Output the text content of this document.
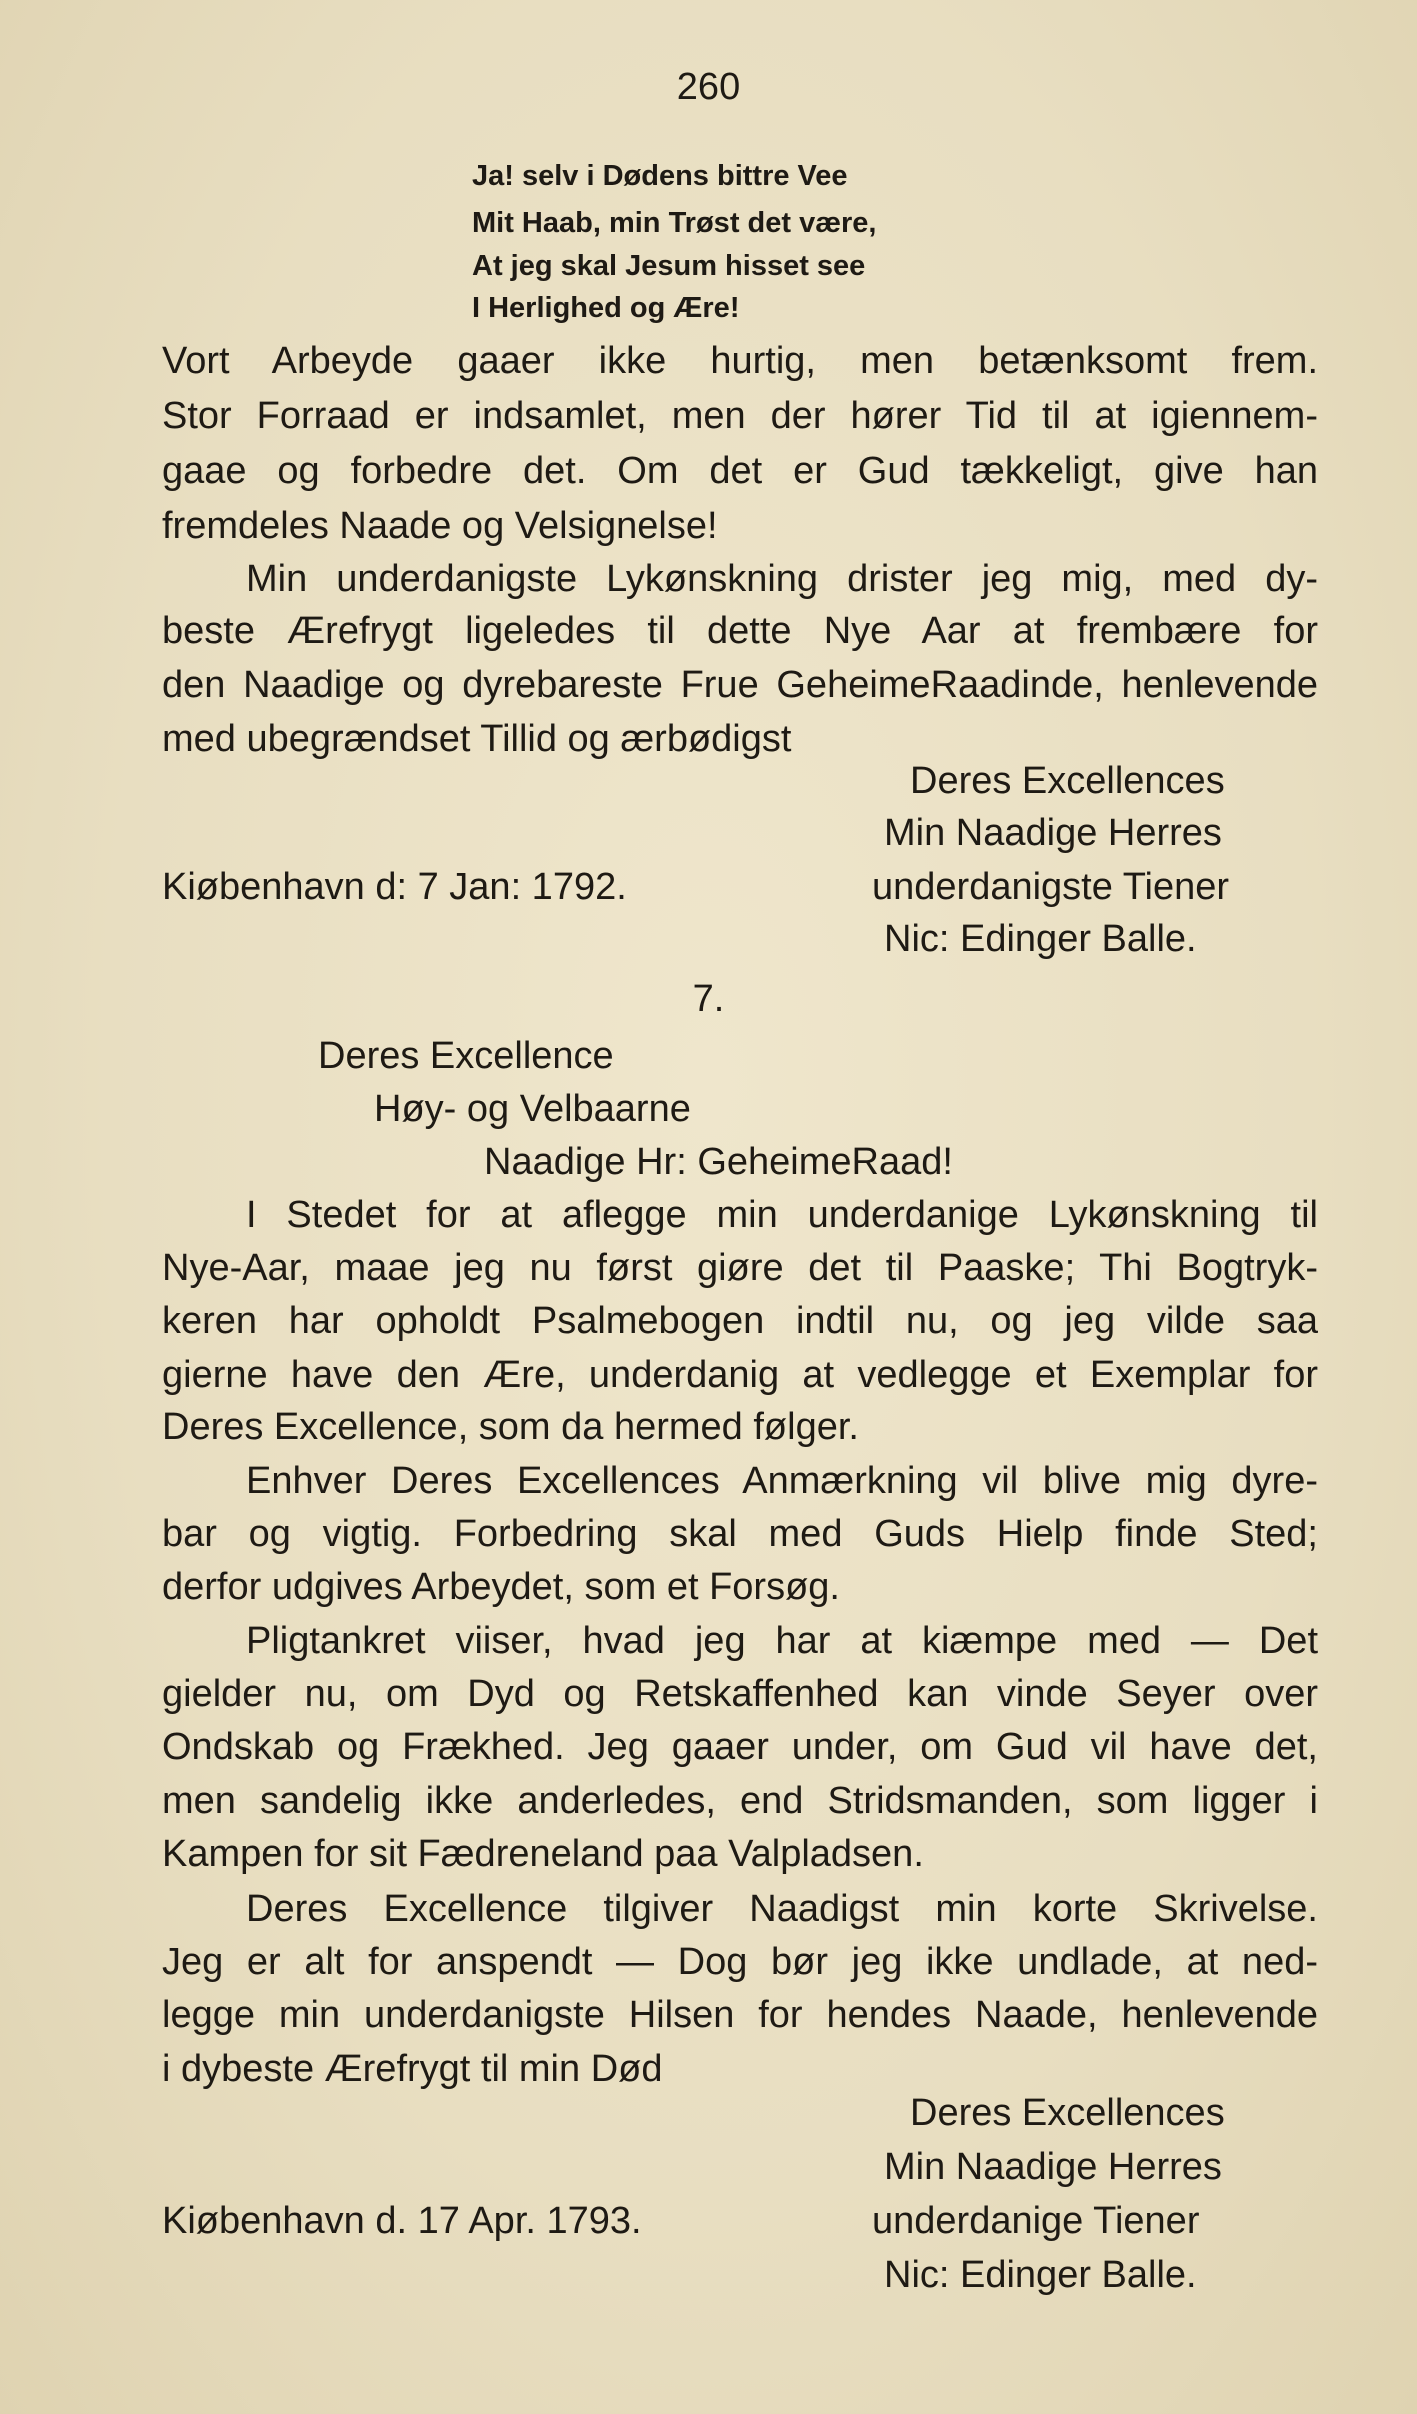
260
Ja! selv i Dødens bittre Vee
Mit Haab, min Trøst det være,
At jeg skal Jesum hisset see
I Herlighed og Ære!
Vort Arbeyde gaaer ikke hurtig, men betænksomt frem.
Stor Forraad er indsamlet, men der hører Tid til at igiennem-
gaae og forbedre det. Om det er Gud tækkeligt, give han
fremdeles Naade og Velsignelse!
Min underdanigste Lykønskning drister jeg mig, med dy-
beste Ærefrygt ligeledes til dette Nye Aar at frembære for
den Naadige og dyrebareste Frue GeheimeRaadinde, henlevende
med ubegrændset Tillid og ærbødigst
Deres Excellences
Min Naadige Herres
Kiøbenhavn d: 7 Jan: 1792.	underdanigste Tiener
Nic: Edinger Balle.
7.
Deres Excellence
Høy- og Velbaarne
Naadige Hr: GeheimeRaad!
I Stedet for at aflegge min underdanige Lykønskning til
Nye-Aar, maae jeg nu først giøre det til Paaske; Thi Bogtryk-
keren har opholdt Psalmebogen indtil nu, og jeg vilde saa
gierne have den Ære, underdanig at vedlegge et Exemplar for
Deres Excellence, som da hermed følger.
Enhver Deres Excellences Anmærkning vil blive mig dyre-
bar og vigtig. Forbedring skal med Guds Hielp finde Sted;
derfor udgives Arbeydet, som et Forsøg.
Pligtankret viiser, hvad jeg har at kiæmpe med — Det
gielder nu, om Dyd og Retskaffenhed kan vinde Seyer over
Ondskab og Frækhed. Jeg gaaer under, om Gud vil have det,
men sandelig ikke anderledes, end Stridsmanden, som ligger i
Kampen for sit Fædreneland paa Valpladsen.
Deres Excellence tilgiver Naadigst min korte Skrivelse.
Jeg er alt for anspendt — Dog bør jeg ikke undlade, at ned-
legge min underdanigste Hilsen for hendes Naade, henlevende
i dybeste Ærefrygt til min Død
Deres Excellences
Min Naadige Herres
Kiøbenhavn d. 17 Apr. 1793.	underdanige Tiener
Nic: Edinger Balle.
